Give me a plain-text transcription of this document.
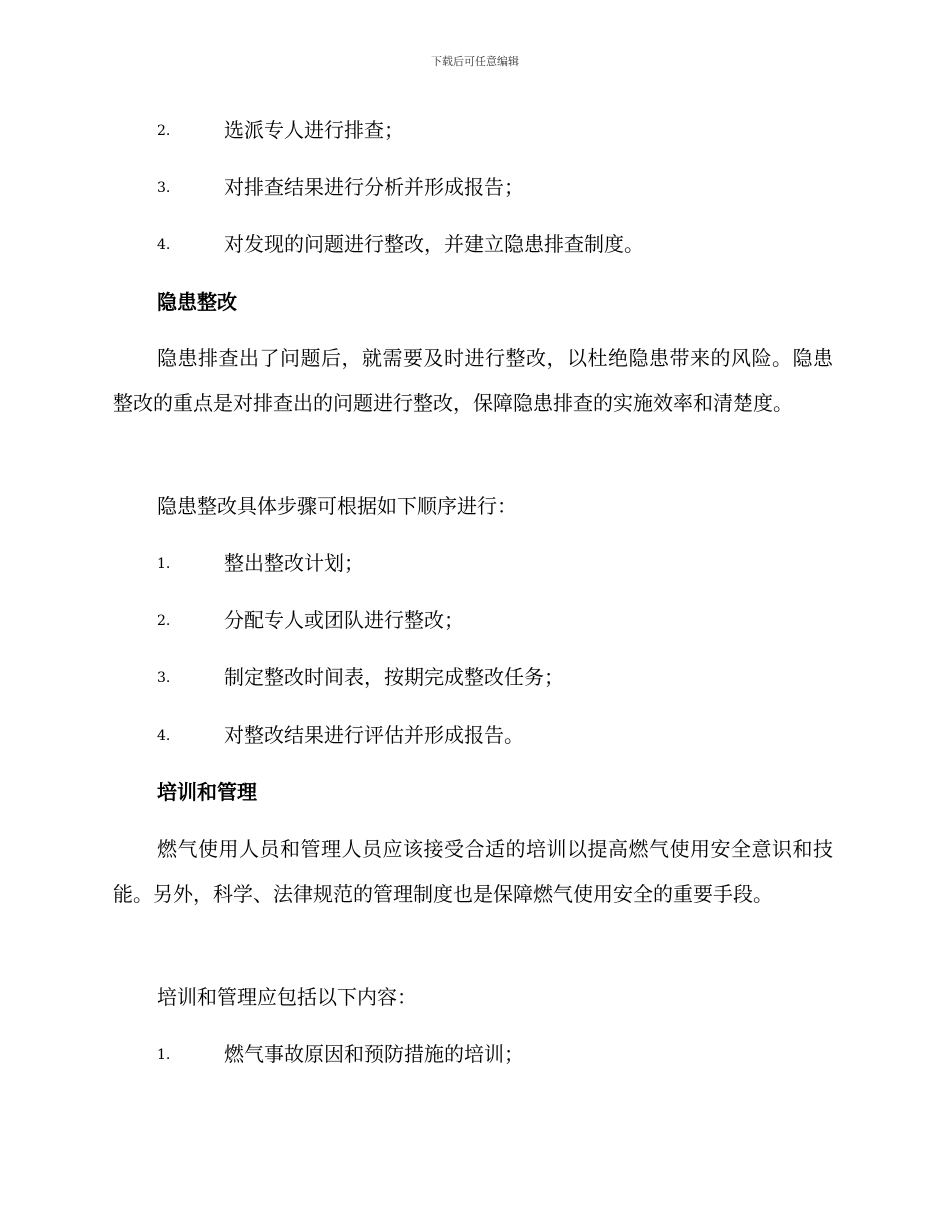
下载后可任意编辑
2.	选派专人进行排查；
3.	对排查结果进行分析并形成报告；
4.	对发现的问题进行整改，并建立隐患排查制度。
隐患整改

隐患排查出了问题后，就需要及时进行整改，以杜绝隐患带来的风险。隐患整改的重点是对排查出的问题进行整改，保障隐患排查的实施效率和清楚度。

隐患整改具体步骤可根据如下顺序进行：
1.	整出整改计划；
2.	分配专人或团队进行整改；
3.	制定整改时间表，按期完成整改任务；
4.	对整改结果进行评估并形成报告。
培训和管理

燃气使用人员和管理人员应该接受合适的培训以提高燃气使用安全意识和技能。另外，科学、法律规范的管理制度也是保障燃气使用安全的重要手段。

培训和管理应包括以下内容：
1.	燃气事故原因和预防措施的培训；
